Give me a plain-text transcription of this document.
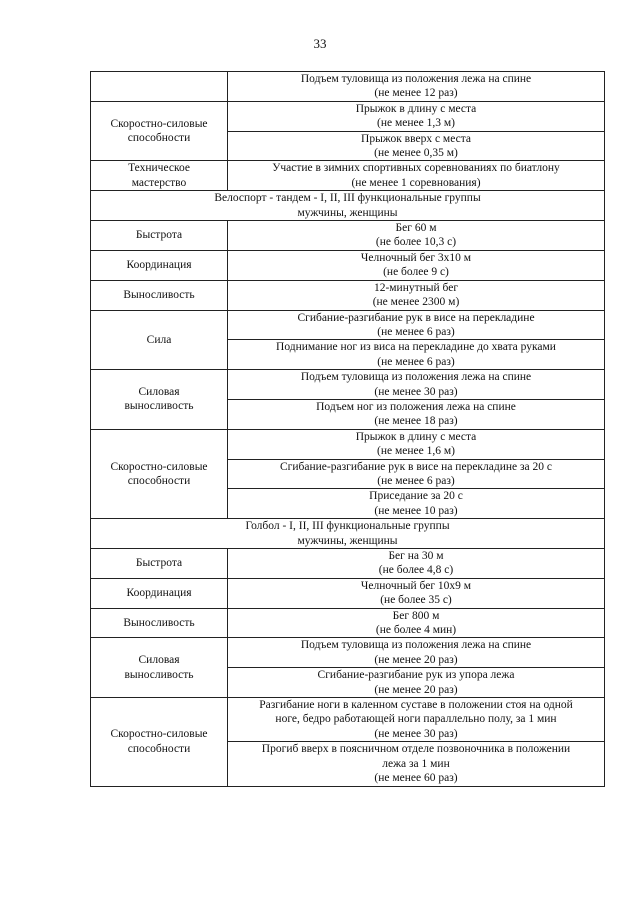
33

	Подъем туловища из положения лежа на спине
(не менее 12 раз)

Скоростно-силовые
способности	Прыжок в длину с места
(не менее 1,3 м)

	Прыжок вверх с места
(не менее 0,35 м)

Техническое
мастерство	Участие в зимних спортивных соревнованиях по биатлону
(не менее 1 соревнования)

Велоспорт - тандем - I, II, III функциональные группы
мужчины, женщины	

Быстрота	Бег 60 м
(не более 10,3 с)

Координация	Челночный бег 3х10 м
(не более 9 с)

Выносливость	12-минутный бег
(не менее 2300 м)

Сила	Сгибание-разгибание рук в висе на перекладине
(не менее 6 раз)

	Поднимание ног из виса на перекладине до хвата руками
(не менее 6 раз)

Силовая
выносливость	Подъем туловища из положения лежа на спине
(не менее 30 раз)

	Подъем ног из положения лежа на спине
(не менее 18 раз)

Скоростно-силовые
способности	Прыжок в длину с места
(не менее 1,6 м)

	Сгибание-разгибание рук в висе на перекладине за 20 с
(не менее 6 раз)

	Приседание за 20 с
(не менее 10 раз)

Голбол - I, II, III функциональные группы
мужчины, женщины	

Быстрота	Бег на 30 м
(не более 4,8 с)

Координация	Челночный бег 10х9 м
(не более 35 с)

Выносливость	Бег 800 м
(не более 4 мин)

Силовая
выносливость	Подъем туловища из положения лежа на спине
(не менее 20 раз)

	Сгибание-разгибание рук из упора лежа
(не менее 20 раз)

Скоростно-силовые
способности	Разгибание ноги в каленном суставе в положении стоя на одной
ноге, бедро работающей ноги параллельно полу, за 1 мин
(не менее 30 раз)

	Прогиб вверх в поясничном отделе позвоночника в положении
лежа за 1 мин
(не менее 60 раз)
